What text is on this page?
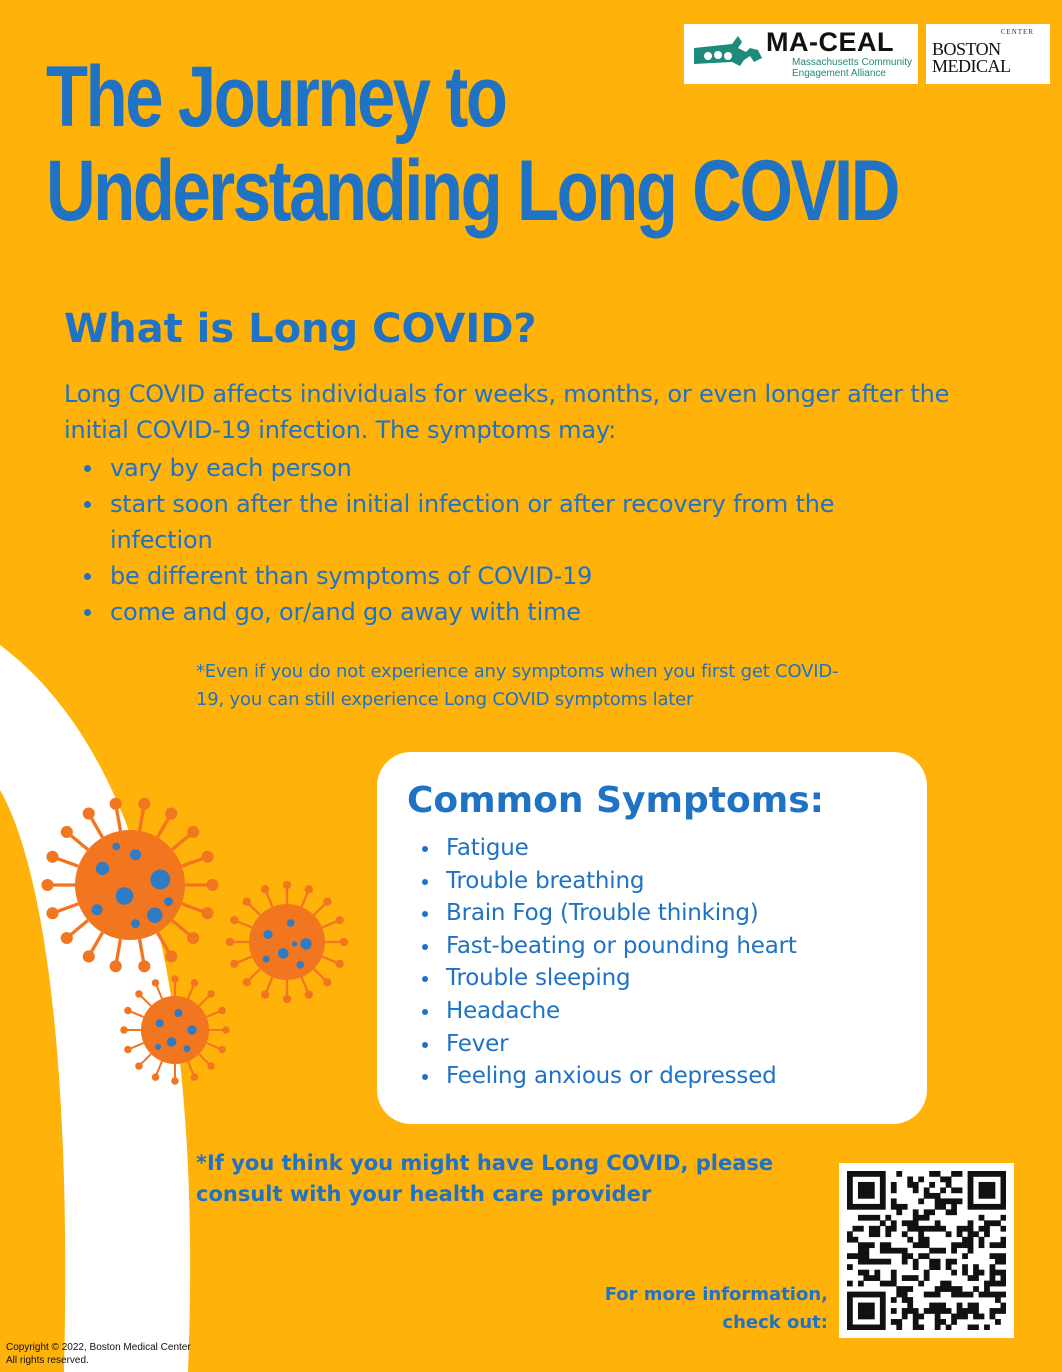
The Journey to
Understanding Long COVID
MA-CEAL
Massachusetts Community
Engagement Alliance
CENTER
BOSTON
MEDICAL
What is Long COVID?

Long COVID affects individuals for weeks, months, or even longer after the initial COVID-19 infection. The symptoms may:

vary by each person
start soon after the initial infection or after recovery from the infection
be different than symptoms of COVID-19
come and go, or/and go away with time

*Even if you do not experience any symptoms when you first get COVID-19, you can still experience Long COVID symptoms later

Common Symptoms:
Fatigue
Trouble breathing
Brain Fog (Trouble thinking)
Fast-beating or pounding heart
Trouble sleeping
Headache
Fever
Feeling anxious or depressed

*If you think you might have Long COVID, please consult with your health care provider

For more information,
check out:

Copyright © 2022, Boston Medical Center
All rights reserved.
